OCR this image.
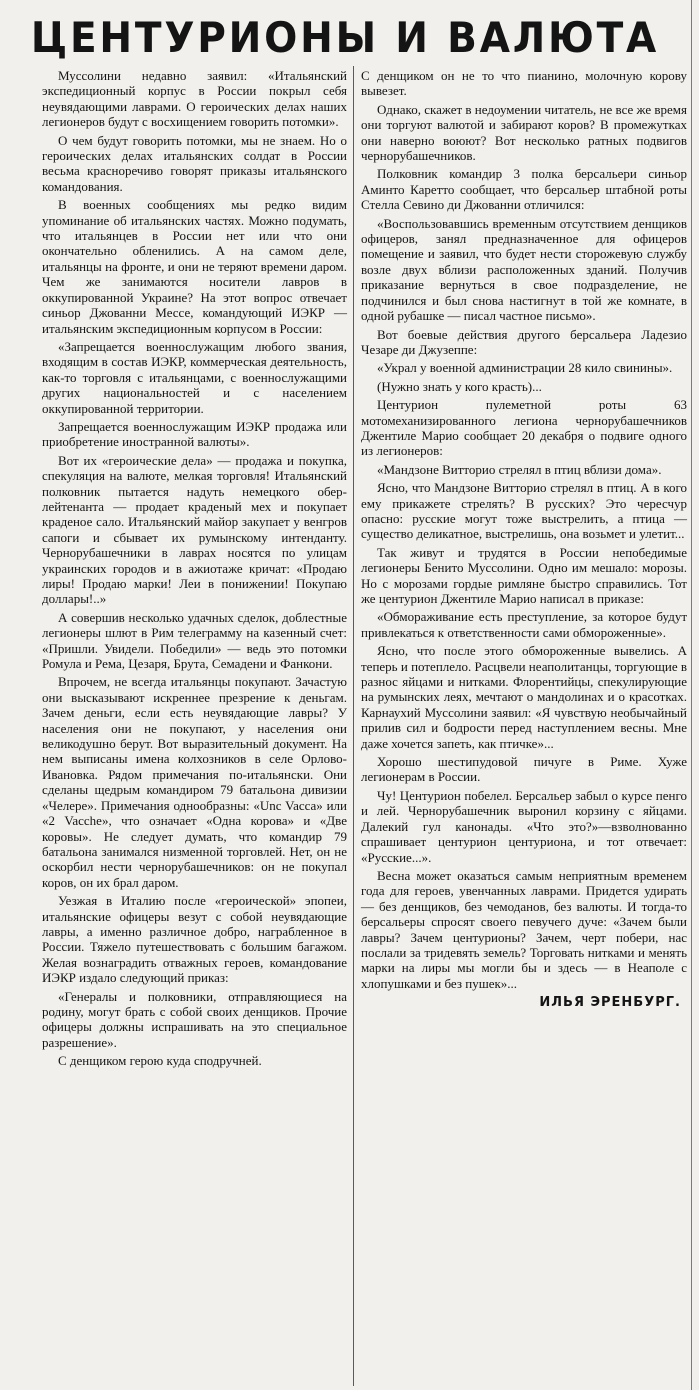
ЦЕНТУРИОНЫ И ВАЛЮТА

Муссолини недавно заявил: «Итальянский экспедиционный корпус в России покрыл себя неувядающими лаврами. О героических делах наших легионеров будут с восхищением говорить потомки».

О чем будут говорить потомки, мы не знаем. Но о героических делах итальянских солдат в России весьма красноречиво говорят приказы итальянского командования.

В военных сообщениях мы редко видим упоминание об итальянских частях. Можно подумать, что итальянцев в России нет или что они окончательно обленились. А на самом деле, итальянцы на фронте, и они не теряют времени даром. Чем же занимаются носители лавров в оккупированной Украине? На этот вопрос отвечает синьор Джованни Мессе, командующий ИЭКР — итальянским экспедиционным корпусом в России:

«Запрещается военнослужащим любого звания, входящим в состав ИЭКР, коммерческая деятельность, как-то торговля с итальянцами, с военнослужащими других национальностей и с населением оккупированной территории.

Запрещается военнослужащим ИЭКР продажа или приобретение иностранной валюты».

Вот их «героические дела» — продажа и покупка, спекуляция на валюте, мелкая торговля! Итальянский полковник пытается надуть немецкого обер-лейтенанта — продает краденый мех и покупает краденое сало. Итальянский майор закупает у венгров сапоги и сбывает их румынскому интенданту. Чернорубашечники в лаврах носятся по улицам украинских городов и в ажиотаже кричат: «Продаю лиры! Продаю марки! Леи в понижении! Покупаю доллары!..»

А совершив несколько удачных сделок, доблестные легионеры шлют в Рим телеграмму на казенный счет: «Пришли. Увидели. Победили» — ведь это потомки Ромула и Рема, Цезаря, Брута, Семадени и Фанкони.

Впрочем, не всегда итальянцы покупают. Зачастую они высказывают искреннее презрение к деньгам. Зачем деньги, если есть неувядающие лавры? У населения они не покупают, у населения они великодушно берут. Вот выразительный документ. На нем выписаны имена колхозников в селе Орлово-Ивановка. Рядом примечания по-итальянски. Они сделаны щедрым командиром 79 батальона дивизии «Челере». Примечания однообразны: «Unc Vacca» или «2 Vacche», что означает «Одна корова» и «Две коровы». Не следует думать, что командир 79 батальона занимался низменной торговлей. Нет, он не оскорбил нести чернорубашечников: он не покупал коров, он их брал даром.

Уезжая в Италию после «героической» эпопеи, итальянские офицеры везут с собой неувядающие лавры, а именно различное добро, награбленное в России. Тяжело путешествовать с большим багажом. Желая вознаградить отважных героев, командование ИЭКР издало следующий приказ:

«Генералы и полковники, отправляющиеся на родину, могут брать с собой своих денщиков. Прочие офицеры должны испрашивать на это специальное разрешение».

С денщиком герою куда сподручней.

С денщиком он не то что пианино, молочную корову вывезет.

Однако, скажет в недоумении читатель, не все же время они торгуют валютой и забирают коров? В промежутках они наверно воюют? Вот несколько ратных подвигов чернорубашечников.

Полковник командир 3 полка берсальери синьор Аминто Каретто сообщает, что берсальер штабной роты Стелла Севино ди Джованни отличился:

«Воспользовавшись временным отсутствием денщиков офицеров, занял предназначенное для офицеров помещение и заявил, что будет нести сторожевую службу возле двух вблизи расположенных зданий. Получив приказание вернуться в свое подразделение, не подчинился и был снова настигнут в той же комнате, в одной рубашке — писал частное письмо».

Вот боевые действия другого берсальера Ладезио Чезаре ди Джузеппе:

«Украл у военной администрации 28 кило свинины».

(Нужно знать у кого красть)...

Центурион пулеметной роты 63 мотомеханизированного легиона чернорубашечников Джентиле Марио сообщает 20 декабря о подвиге одного из легионеров:

«Мандзоне Витторио стрелял в птиц вблизи дома».

Ясно, что Мандзоне Витторио стрелял в птиц. А в кого ему прикажете стрелять? В русских? Это чересчур опасно: русские могут тоже выстрелить, а птица — существо деликатное, выстрелишь, она возьмет и улетит...

Так живут и трудятся в России непобедимые легионеры Бенито Муссолини. Одно им мешало: морозы. Но с морозами гордые римляне быстро справились. Тот же центурион Джентиле Марио написал в приказе:

«Обмораживание есть преступление, за которое будут привлекаться к ответственности сами обмороженные».

Ясно, что после этого обмороженные вывелись. А теперь и потеплело. Расцвели неаполитанцы, торгующие в разнос яйцами и нитками. Флорентийцы, спекулирующие на румынских леях, мечтают о мандолинах и о красотках. Карнаухий Муссолини заявил: «Я чувствую необычайный прилив сил и бодрости перед наступлением весны. Мне даже хочется запеть, как птичке»...

Хорошо шестипудовой пичуге в Риме. Хуже легионерам в России.

Чу! Центурион побелел. Берсальер забыл о курсе пенго и лей. Чернорубашечник выронил корзину с яйцами. Далекий гул канонады. «Что это?»—взволнованно спрашивает центурион центуриона, и тот отвечает: «Русские...».

Весна может оказаться самым неприятным временем года для героев, увенчанных лаврами. Придется удирать — без денщиков, без чемоданов, без валюты. И тогда-то берсальеры спросят своего певучего дуче: «Зачем были лавры? Зачем центурионы? Зачем, черт побери, нас послали за тридевять земель? Торговать нитками и менять марки на лиры мы могли бы и здесь — в Неаполе с хлопушками и без пушек»...

ИЛЬЯ ЭРЕНБУРГ.
